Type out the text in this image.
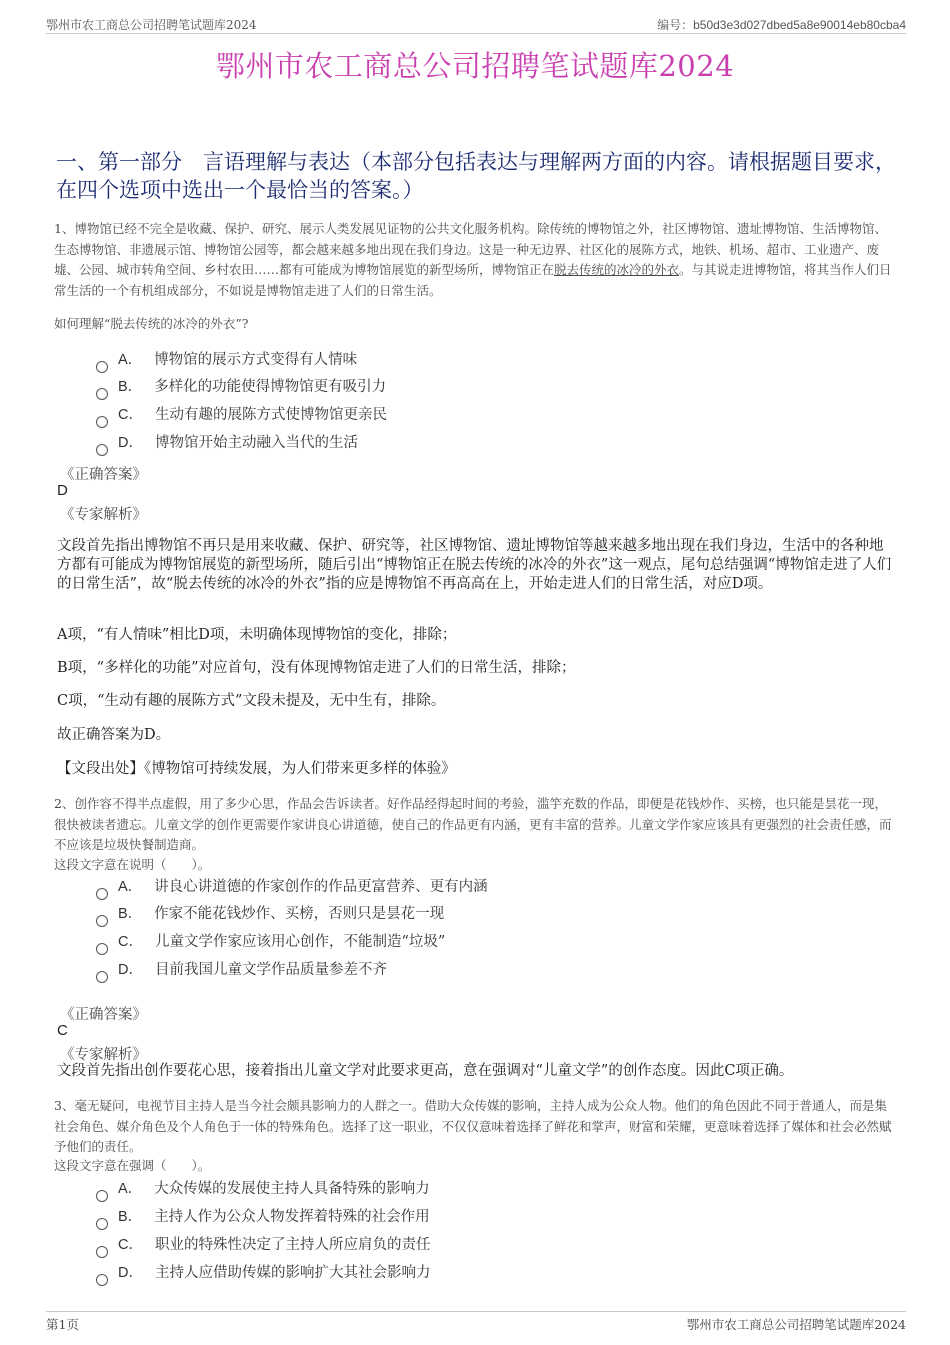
鄂州市农工商总公司招聘笔试题库2024	编号：b50d3e3d027dbed5a8e90014eb80cba4
鄂州市农工商总公司招聘笔试题库2024
一、第一部分　言语理解与表达（本部分包括表达与理解两方面的内容。请根据题目要求，在四个选项中选出一个最恰当的答案。）
1、博物馆已经不完全是收藏、保护、研究、展示人类发展见证物的公共文化服务机构。除传统的博物馆之外，社区博物馆、遗址博物馆、生活博物馆、生态博物馆、非遗展示馆、博物馆公园等，都会越来越多地出现在我们身边。这是一种无边界、社区化的展陈方式，地铁、机场、超市、工业遗产、废墟、公园、城市转角空间、乡村农田……都有可能成为博物馆展览的新型场所，博物馆正在脱去传统的冰冷的外衣。与其说走进博物馆，将其当作人们日常生活的一个有机组成部分，不如说是博物馆走进了人们的日常生活。
如何理解“脱去传统的冰冷的外衣”?
A． 博物馆的展示方式变得有人情味
B． 多样化的功能使得博物馆更有吸引力
C． 生动有趣的展陈方式使博物馆更亲民
D． 博物馆开始主动融入当代的生活
《正确答案》
D
《专家解析》
文段首先指出博物馆不再只是用来收藏、保护、研究等，社区博物馆、遗址博物馆等越来越多地出现在我们身边，生活中的各种地方都有可能成为博物馆展览的新型场所，随后引出“博物馆正在脱去传统的冰冷的外衣”这一观点，尾句总结强调“博物馆走进了人们的日常生活”，故“脱去传统的冰冷的外衣”指的应是博物馆不再高高在上，开始走进人们的日常生活，对应D项。
A项，“有人情味”相比D项，未明确体现博物馆的变化，排除；
B项，“多样化的功能”对应首句，没有体现博物馆走进了人们的日常生活，排除；
C项，“生动有趣的展陈方式”文段未提及，无中生有，排除。
故正确答案为D。
【文段出处】《博物馆可持续发展，为人们带来更多样的体验》
2、创作容不得半点虚假，用了多少心思，作品会告诉读者。好作品经得起时间的考验，滥竽充数的作品，即便是花钱炒作、买榜，也只能是昙花一现，很快被读者遗忘。儿童文学的创作更需要作家讲良心讲道德，使自己的作品更有内涵，更有丰富的营养。儿童文学作家应该具有更强烈的社会责任感，而不应该是垃圾快餐制造商。
这段文字意在说明（　　）。
A． 讲良心讲道德的作家创作的作品更富营养、更有内涵
B． 作家不能花钱炒作、买榜，否则只是昙花一现
C． 儿童文学作家应该用心创作，不能制造“垃圾”
D． 目前我国儿童文学作品质量参差不齐
《正确答案》
C
《专家解析》
文段首先指出创作要花心思，接着指出儿童文学对此要求更高，意在强调对“儿童文学”的创作态度。因此C项正确。
3、毫无疑问，电视节目主持人是当今社会颇具影响力的人群之一。借助大众传媒的影响，主持人成为公众人物。他们的角色因此不同于普通人，而是集社会角色、媒介角色及个人角色于一体的特殊角色。选择了这一职业，不仅仅意味着选择了鲜花和掌声，财富和荣耀，更意味着选择了媒体和社会必然赋予他们的责任。
这段文字意在强调（　　）。
A． 大众传媒的发展使主持人具备特殊的影响力
B． 主持人作为公众人物发挥着特殊的社会作用
C． 职业的特殊性决定了主持人所应肩负的责任
D． 主持人应借助传媒的影响扩大其社会影响力
第1页	鄂州市农工商总公司招聘笔试题库2024
